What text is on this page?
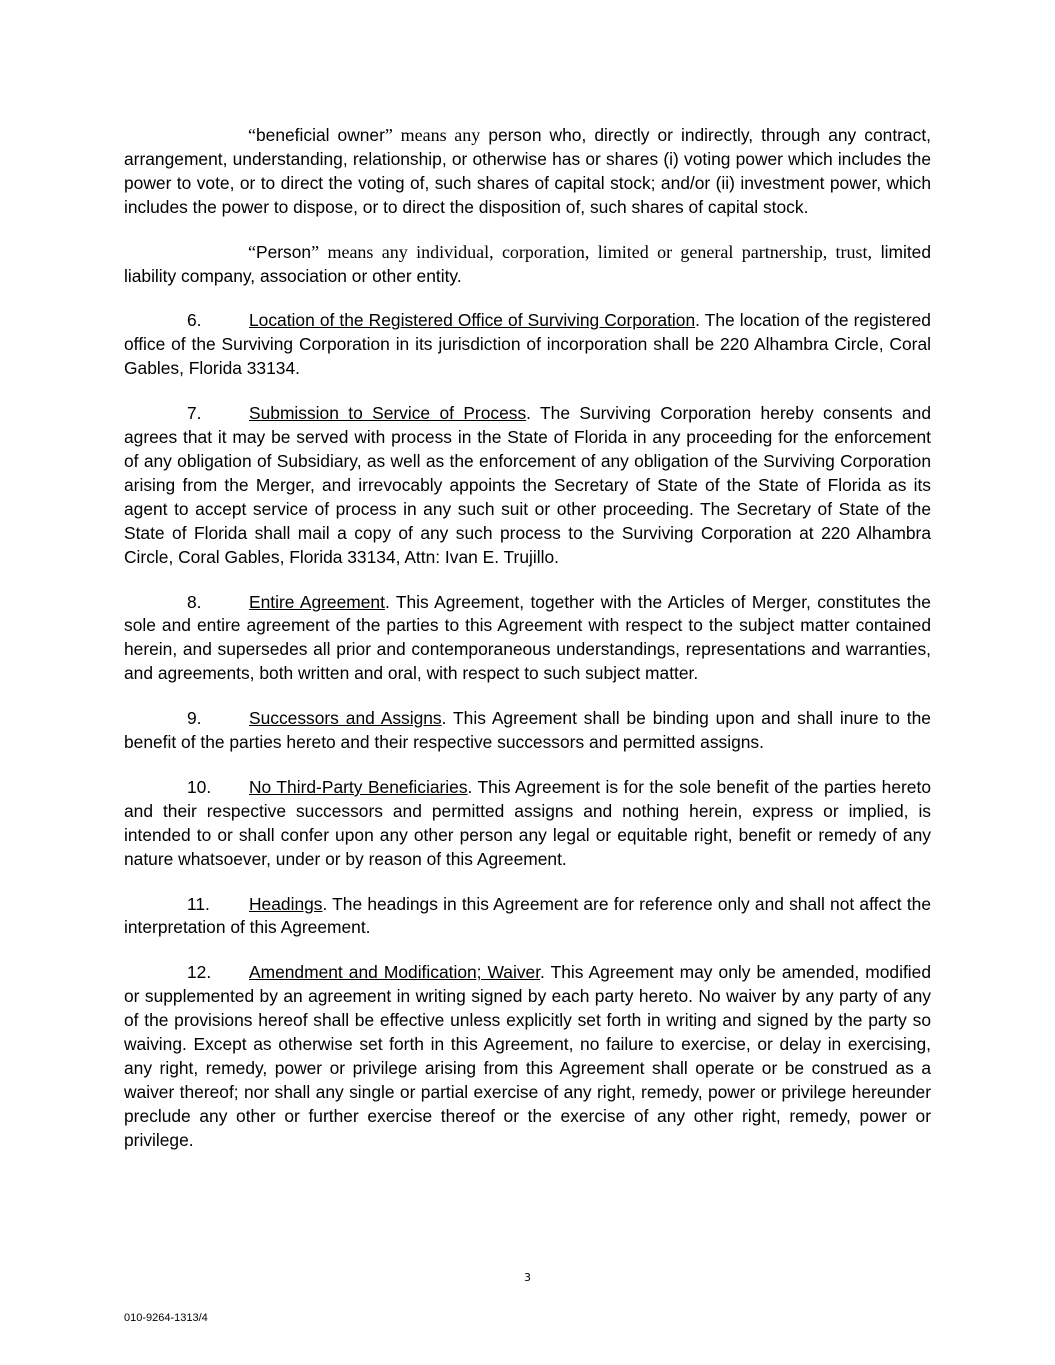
“beneficial owner” means any person who, directly or indirectly, through any contract, arrangement, understanding, relationship, or otherwise has or shares (i) voting power which includes the power to vote, or to direct the voting of, such shares of capital stock; and/or (ii) investment power, which includes the power to dispose, or to direct the disposition of, such shares of capital stock.

“Person” means any individual, corporation, limited or general partnership, trust, limited liability company, association or other entity.

6.	Location of the Registered Office of Surviving Corporation. The location of the registered office of the Surviving Corporation in its jurisdiction of incorporation shall be 220 Alhambra Circle, Coral Gables, Florida 33134.

7.	Submission to Service of Process. The Surviving Corporation hereby consents and agrees that it may be served with process in the State of Florida in any proceeding for the enforcement of any obligation of Subsidiary, as well as the enforcement of any obligation of the Surviving Corporation arising from the Merger, and irrevocably appoints the Secretary of State of the State of Florida as its agent to accept service of process in any such suit or other proceeding. The Secretary of State of the State of Florida shall mail a copy of any such process to the Surviving Corporation at 220 Alhambra Circle, Coral Gables, Florida 33134, Attn: Ivan E. Trujillo.

8.	Entire Agreement. This Agreement, together with the Articles of Merger, constitutes the sole and entire agreement of the parties to this Agreement with respect to the subject matter contained herein, and supersedes all prior and contemporaneous understandings, representations and warranties, and agreements, both written and oral, with respect to such subject matter.

9.	Successors and Assigns. This Agreement shall be binding upon and shall inure to the benefit of the parties hereto and their respective successors and permitted assigns.

10. No Third-Party Beneficiaries. This Agreement is for the sole benefit of the parties hereto and their respective successors and permitted assigns and nothing herein, express or implied, is intended to or shall confer upon any other person any legal or equitable right, benefit or remedy of any nature whatsoever, under or by reason of this Agreement.

11. Headings. The headings in this Agreement are for reference only and shall not affect the interpretation of this Agreement.

12. Amendment and Modification; Waiver. This Agreement may only be amended, modified or supplemented by an agreement in writing signed by each party hereto. No waiver by any party of any of the provisions hereof shall be effective unless explicitly set forth in writing and signed by the party so waiving. Except as otherwise set forth in this Agreement, no failure to exercise, or delay in exercising, any right, remedy, power or privilege arising from this Agreement shall operate or be construed as a waiver thereof; nor shall any single or partial exercise of any right, remedy, power or privilege hereunder preclude any other or further exercise thereof or the exercise of any other right, remedy, power or privilege.

3
010-9264-1313/4
